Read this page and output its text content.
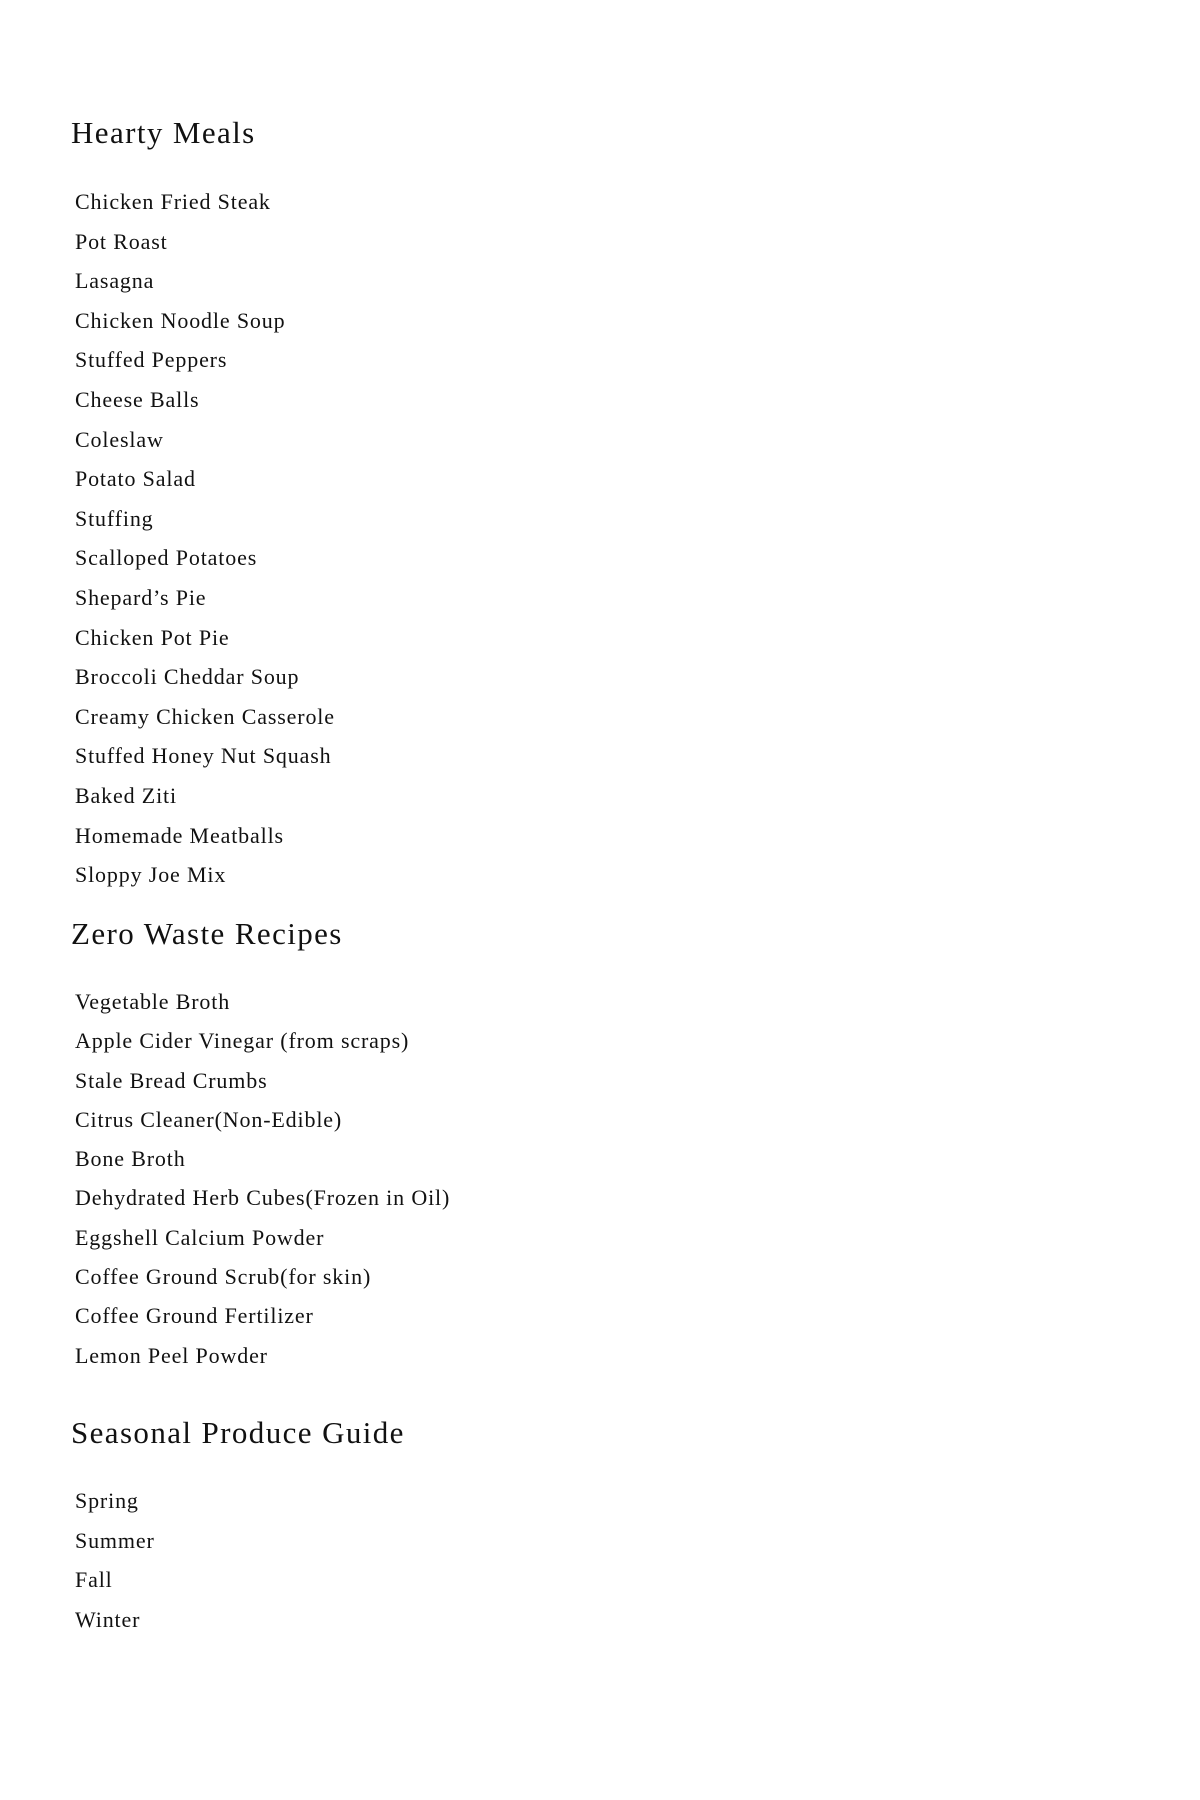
Hearty Meals
Chicken Fried Steak
Pot Roast
Lasagna
Chicken Noodle Soup
Stuffed Peppers
Cheese Balls
Coleslaw
Potato Salad
Stuffing
Scalloped Potatoes
Shepard’s Pie
Chicken Pot Pie
Broccoli Cheddar Soup
Creamy Chicken Casserole
Stuffed Honey Nut Squash
Baked Ziti
Homemade Meatballs
Sloppy Joe Mix
Zero Waste Recipes
Vegetable Broth
Apple Cider Vinegar (from scraps)
Stale Bread Crumbs
Citrus Cleaner(Non-Edible)
Bone Broth
Dehydrated Herb Cubes(Frozen in Oil)
Eggshell Calcium Powder
Coffee Ground Scrub(for skin)
Coffee Ground Fertilizer
Lemon Peel Powder
Seasonal Produce Guide
Spring
Summer
Fall
Winter
